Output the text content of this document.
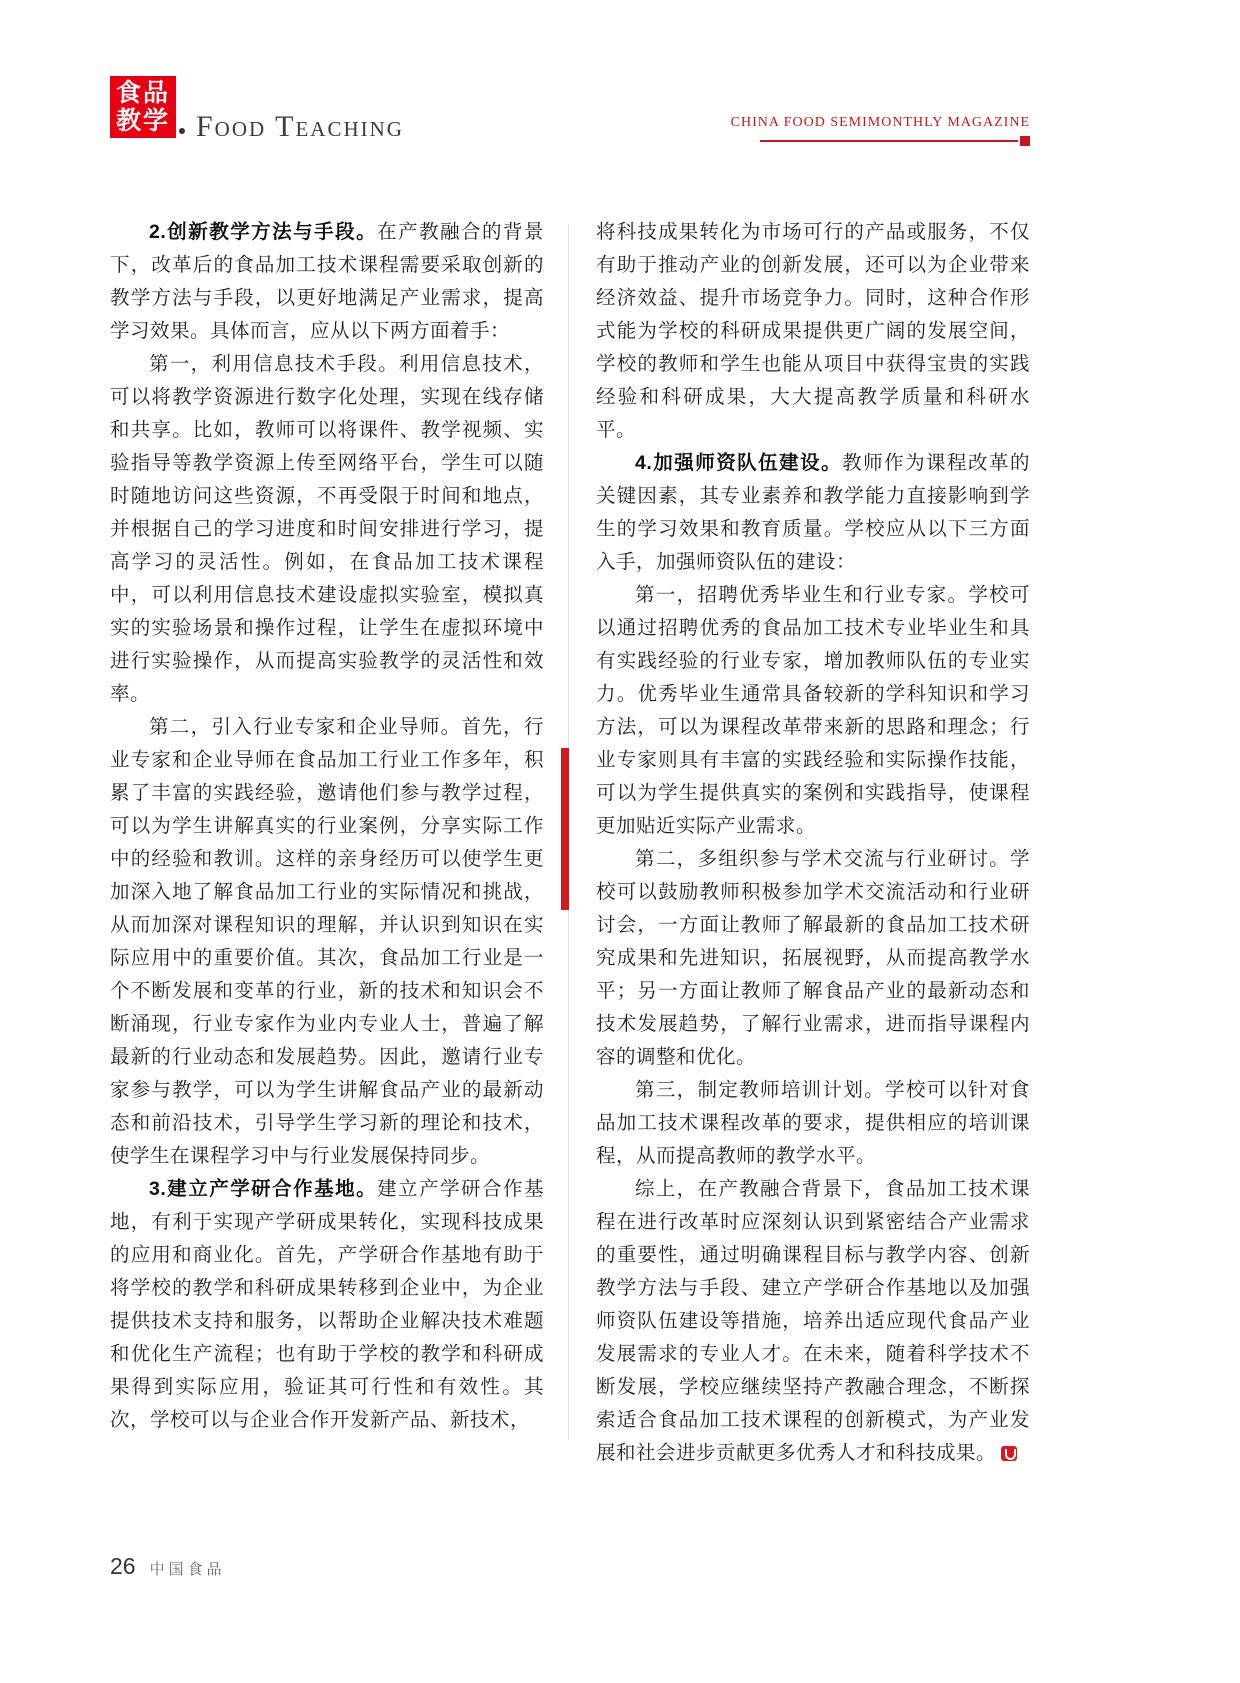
食品
教学 Food Teaching	CHINA FOOD SEMIMONTHLY MAGAZINE

2.创新教学方法与手段。在产教融合的背景下，改革后的食品加工技术课程需要采取创新的教学方法与手段，以更好地满足产业需求，提高学习效果。具体而言，应从以下两方面着手：

第一，利用信息技术手段。利用信息技术，可以将教学资源进行数字化处理，实现在线存储和共享。比如，教师可以将课件、教学视频、实验指导等教学资源上传至网络平台，学生可以随时随地访问这些资源，不再受限于时间和地点，并根据自己的学习进度和时间安排进行学习，提高学习的灵活性。例如，在食品加工技术课程中，可以利用信息技术建设虚拟实验室，模拟真实的实验场景和操作过程，让学生在虚拟环境中进行实验操作，从而提高实验教学的灵活性和效率。

第二，引入行业专家和企业导师。首先，行业专家和企业导师在食品加工行业工作多年，积累了丰富的实践经验，邀请他们参与教学过程，可以为学生讲解真实的行业案例，分享实际工作中的经验和教训。这样的亲身经历可以使学生更加深入地了解食品加工行业的实际情况和挑战，从而加深对课程知识的理解，并认识到知识在实际应用中的重要价值。其次，食品加工行业是一个不断发展和变革的行业，新的技术和知识会不断涌现，行业专家作为业内专业人士，普遍了解最新的行业动态和发展趋势。因此，邀请行业专家参与教学，可以为学生讲解食品产业的最新动态和前沿技术，引导学生学习新的理论和技术，使学生在课程学习中与行业发展保持同步。

3.建立产学研合作基地。建立产学研合作基地，有利于实现产学研成果转化，实现科技成果的应用和商业化。首先，产学研合作基地有助于将学校的教学和科研成果转移到企业中，为企业提供技术支持和服务，以帮助企业解决技术难题和优化生产流程；也有助于学校的教学和科研成果得到实际应用，验证其可行性和有效性。其次，学校可以与企业合作开发新产品、新技术，

将科技成果转化为市场可行的产品或服务，不仅有助于推动产业的创新发展，还可以为企业带来经济效益、提升市场竞争力。同时，这种合作形式能为学校的科研成果提供更广阔的发展空间，学校的教师和学生也能从项目中获得宝贵的实践经验和科研成果，大大提高教学质量和科研水平。

4.加强师资队伍建设。教师作为课程改革的关键因素，其专业素养和教学能力直接影响到学生的学习效果和教育质量。学校应从以下三方面入手，加强师资队伍的建设：

第一，招聘优秀毕业生和行业专家。学校可以通过招聘优秀的食品加工技术专业毕业生和具有实践经验的行业专家，增加教师队伍的专业实力。优秀毕业生通常具备较新的学科知识和学习方法，可以为课程改革带来新的思路和理念；行业专家则具有丰富的实践经验和实际操作技能，可以为学生提供真实的案例和实践指导，使课程更加贴近实际产业需求。

第二，多组织参与学术交流与行业研讨。学校可以鼓励教师积极参加学术交流活动和行业研讨会，一方面让教师了解最新的食品加工技术研究成果和先进知识，拓展视野，从而提高教学水平；另一方面让教师了解食品产业的最新动态和技术发展趋势，了解行业需求，进而指导课程内容的调整和优化。

第三，制定教师培训计划。学校可以针对食品加工技术课程改革的要求，提供相应的培训课程，从而提高教师的教学水平。

综上，在产教融合背景下，食品加工技术课程在进行改革时应深刻认识到紧密结合产业需求的重要性，通过明确课程目标与教学内容、创新教学方法与手段、建立产学研合作基地以及加强师资队伍建设等措施，培养出适应现代食品产业发展需求的专业人才。在未来，随着科学技术不断发展，学校应继续坚持产教融合理念，不断探索适合食品加工技术课程的创新模式，为产业发展和社会进步贡献更多优秀人才和科技成果。

26 中国食品
